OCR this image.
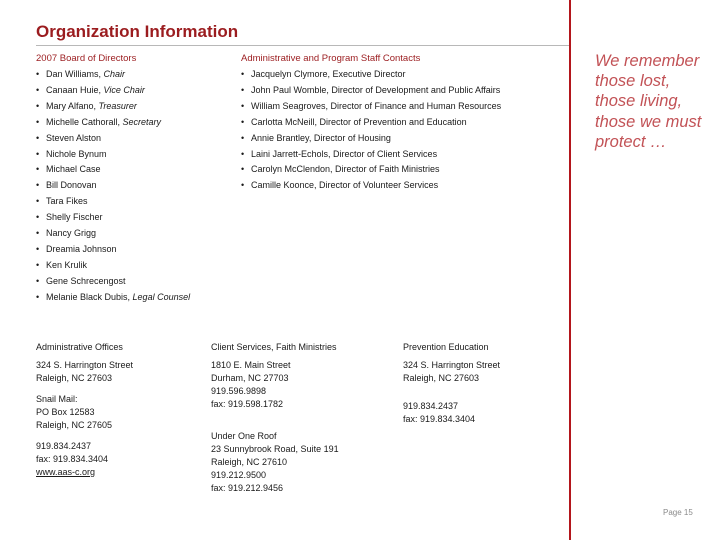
Organization Information
2007 Board of Directors
• Dan Williams, Chair
• Canaan Huie, Vice Chair
• Mary Alfano, Treasurer
• Michelle Cathorall, Secretary
• Steven Alston
• Nichole Bynum
• Michael Case
• Bill Donovan
• Tara Fikes
• Shelly Fischer
• Nancy Grigg
• Dreamia Johnson
• Ken Krulik
• Gene Schrecengost
• Melanie Black Dubis, Legal Counsel
Administrative and Program Staff Contacts
• Jacquelyn Clymore, Executive Director
• John Paul Womble, Director of Development and Public Affairs
• William Seagroves, Director of Finance and Human Resources
• Carlotta McNeill, Director of Prevention and Education
• Annie Brantley, Director of Housing
• Laini Jarrett-Echols, Director of Client Services
• Carolyn McClendon, Director of Faith Ministries
• Camille Koonce, Director of Volunteer Services
We remember those lost, those living, those we must protect …
Administrative Offices
324 S. Harrington Street
Raleigh, NC 27603
Snail Mail:
PO Box 12583
Raleigh, NC 27605
919.834.2437
fax: 919.834.3404
www.aas-c.org
Client Services, Faith Ministries
1810 E. Main Street
Durham, NC 27703
919.596.9898
fax: 919.598.1782
Under One Roof
23 Sunnybrook Road, Suite 191
Raleigh, NC 27610
919.212.9500
fax: 919.212.9456
Prevention Education
324 S. Harrington Street
Raleigh, NC 27603
919.834.2437
fax: 919.834.3404
Page 15
